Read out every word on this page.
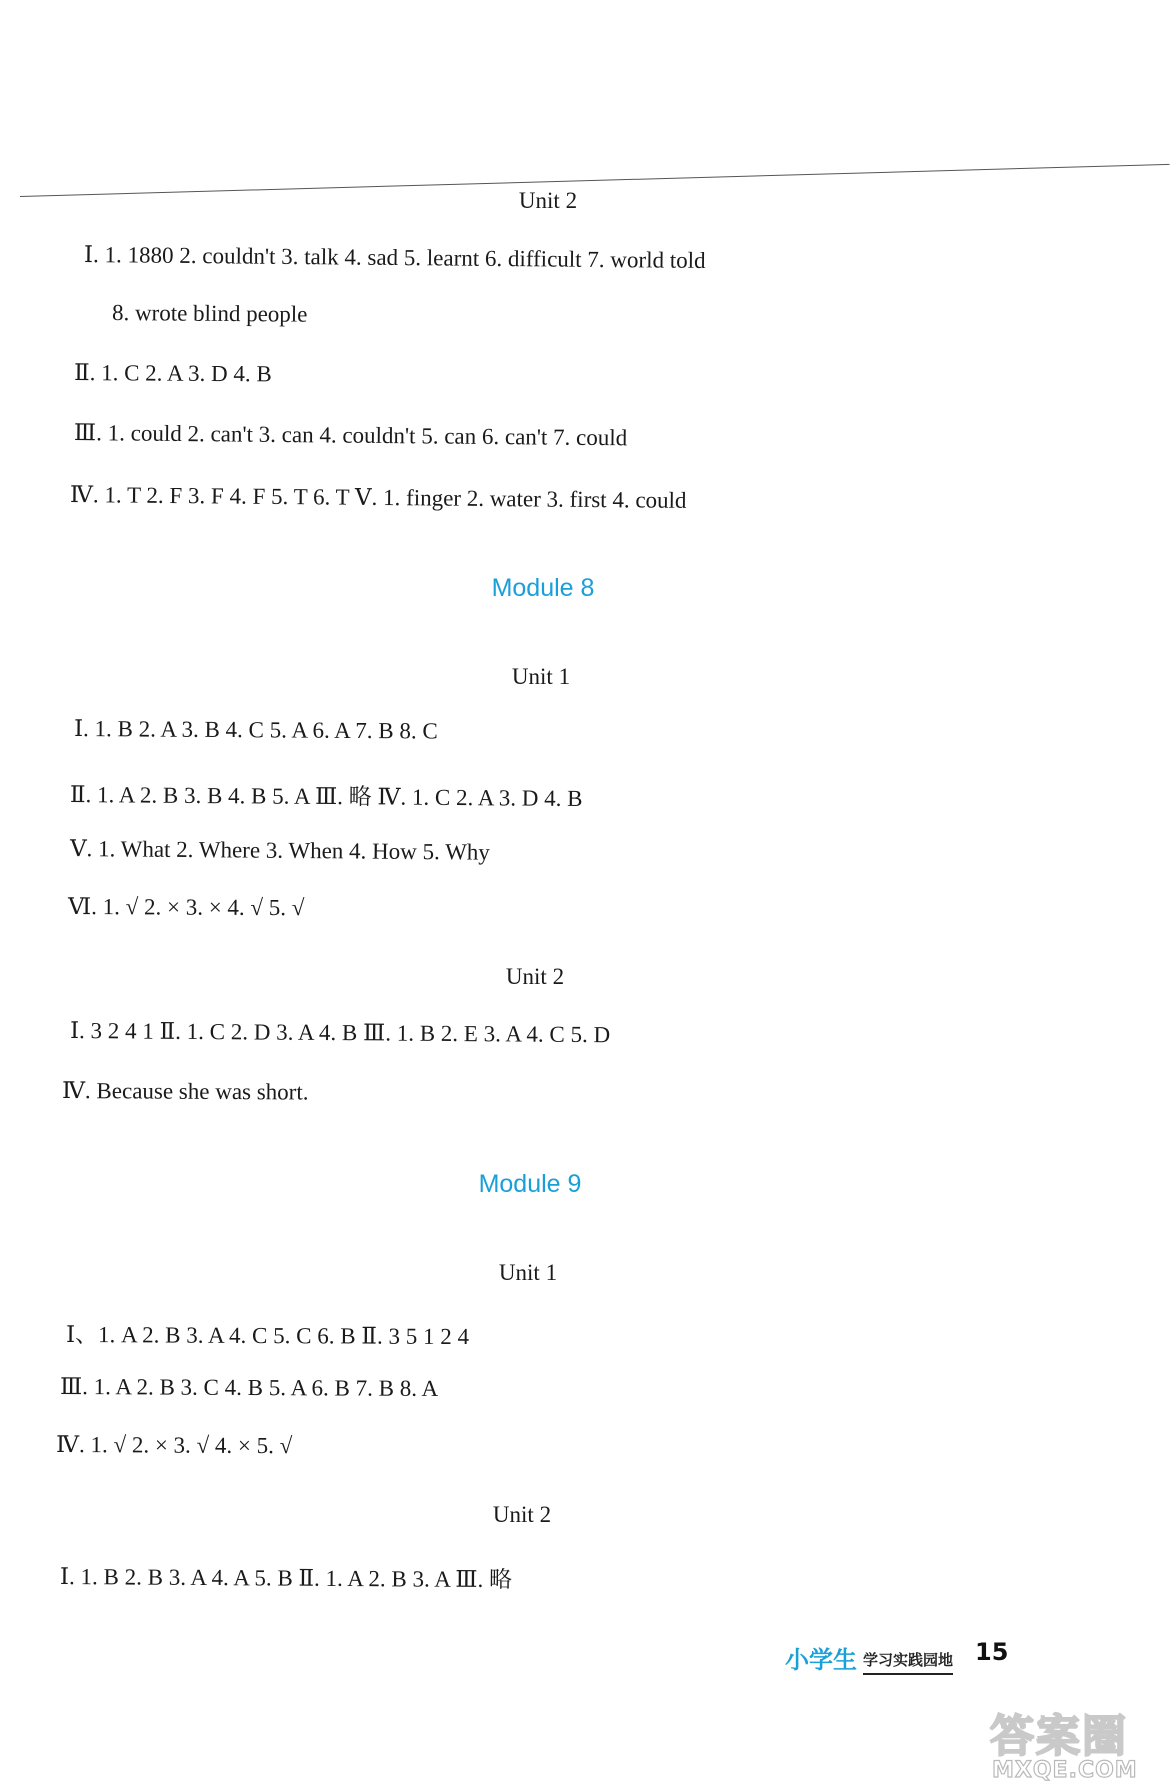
Unit 2
Ⅰ. 1. 1880 2. couldn't 3. talk 4. sad 5. learnt 6. difficult 7. world told
8. wrote blind people
Ⅱ. 1. C 2. A 3. D 4. B
Ⅲ. 1. could 2. can't 3. can 4. couldn't 5. can 6. can't 7. could
Ⅳ. 1. T 2. F 3. F 4. F 5. T 6. T Ⅴ. 1. finger 2. water 3. first 4. could
Module 8
Unit 1
Ⅰ. 1. B 2. A 3. B 4. C 5. A 6. A 7. B 8. C
Ⅱ. 1. A 2. B 3. B 4. B 5. A Ⅲ. 略 Ⅳ. 1. C 2. A 3. D 4. B
Ⅴ. 1. What 2. Where 3. When 4. How 5. Why
Ⅵ. 1. √ 2. × 3. × 4. √ 5. √
Unit 2
Ⅰ. 3 2 4 1 Ⅱ. 1. C 2. D 3. A 4. B Ⅲ. 1. B 2. E 3. A 4. C 5. D
Ⅳ. Because she was short.
Module 9
Unit 1
Ⅰ、1. A 2. B 3. A 4. C 5. C 6. B Ⅱ. 3 5 1 2 4
Ⅲ. 1. A 2. B 3. C 4. B 5. A 6. B 7. B 8. A
Ⅳ. 1. √ 2. × 3. √ 4. × 5. √
Unit 2
Ⅰ. 1. B 2. B 3. A 4. A 5. B Ⅱ. 1. A 2. B 3. A Ⅲ. 略
小学生 学习实践园地 15
答案圈
MXQE.COM
